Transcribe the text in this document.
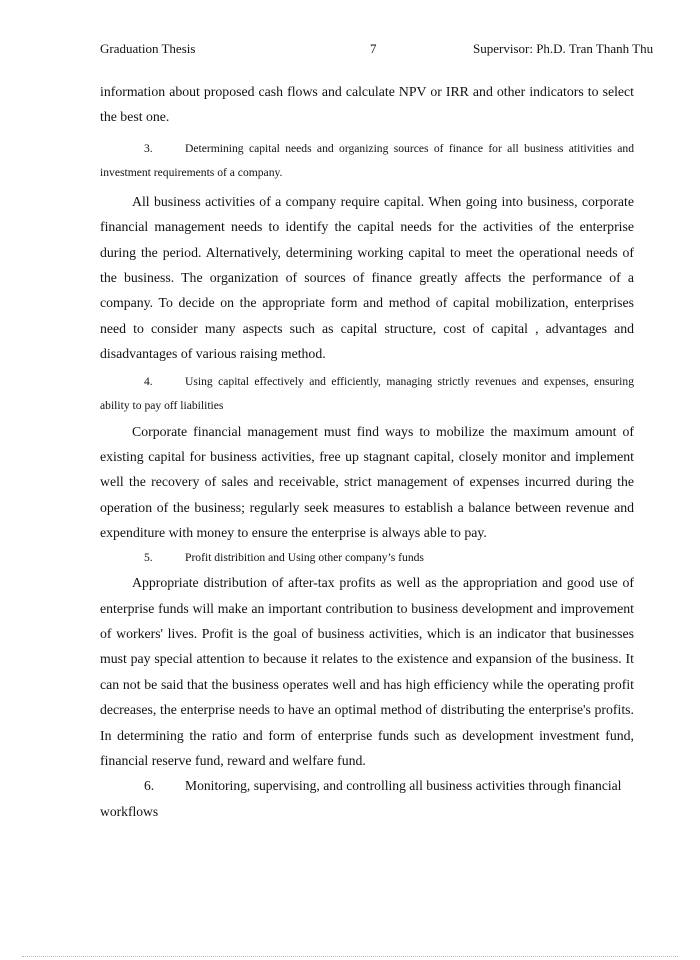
Graduation Thesis	7	Supervisor: Ph.D. Tran Thanh Thu

information about proposed cash flows and calculate NPV or IRR and other indicators to select the best one.

3.	Determining capital needs and organizing sources of finance for all business atitivities and investment requirements of a company.

All business activities of a company require capital. When going into business, corporate financial management needs to identify the capital needs for the activities of the enterprise during the period. Alternatively, determining working capital to meet the operational needs of the business. The organization of sources of finance greatly affects the performance of a company. To decide on the appropriate form and method of capital mobilization, enterprises need to consider many aspects such as capital structure, cost of capital , advantages and disadvantages of various raising method.

4.	Using capital effectively and efficiently, managing strictly revenues and expenses, ensuring ability to pay off liabilities

Corporate financial management must find ways to mobilize the maximum amount of existing capital for business activities, free up stagnant capital, closely monitor and implement well the recovery of sales and receivable, strict management of expenses incurred during the operation of the business; regularly seek measures to establish a balance between revenue and expenditure with money to ensure the enterprise is always able to pay.

5.	Profit distribition and Using other company’s funds

Appropriate distribution of after-tax profits as well as the appropriation and good use of enterprise funds will make an important contribution to business development and improvement of workers' lives. Profit is the goal of business activities, which is an indicator that businesses must pay special attention to because it relates to the existence and expansion of the business. It can not be said that the business operates well and has high efficiency while the operating profit decreases, the enterprise needs to have an optimal method of distributing the enterprise's profits. In determining the ratio and form of enterprise funds such as development investment fund, financial reserve fund, reward and welfare fund.

6. Monitoring, supervising, and controlling all business activities through financial workflows
